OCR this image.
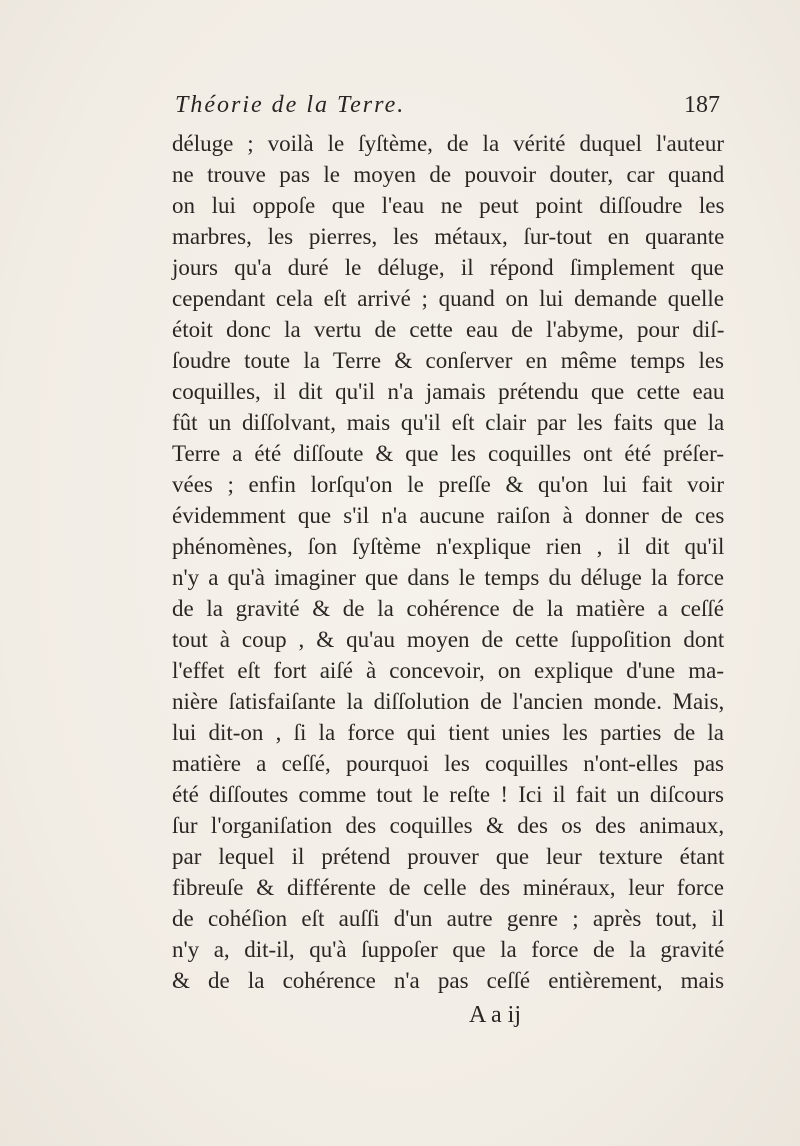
Théorie de la Terre.	187
déluge ; voilà le ſyſtème, de la vérité duquel l'auteur
ne trouve pas le moyen de pouvoir douter, car quand
on lui oppoſe que l'eau ne peut point diſſoudre les
marbres, les pierres, les métaux, ſur-tout en quarante
jours qu'a duré le déluge, il répond ſimplement que
cependant cela eſt arrivé ; quand on lui demande quelle
étoit donc la vertu de cette eau de l'abyme, pour diſ-
ſoudre toute la Terre & conſerver en même temps les
coquilles, il dit qu'il n'a jamais prétendu que cette eau
fût un diſſolvant, mais qu'il eſt clair par les faits que la
Terre a été diſſoute & que les coquilles ont été préſer-
vées ; enfin lorſqu'on le preſſe & qu'on lui fait voir
évidemment que s'il n'a aucune raiſon à donner de ces
phénomènes, ſon ſyſtème n'explique rien , il dit qu'il
n'y a qu'à imaginer que dans le temps du déluge la force
de la gravité & de la cohérence de la matière a ceſſé
tout à coup , & qu'au moyen de cette ſuppoſition dont
l'effet eſt fort aiſé à concevoir, on explique d'une ma-
nière ſatisfaiſante la diſſolution de l'ancien monde. Mais,
lui dit-on , ſi la force qui tient unies les parties de la
matière a ceſſé, pourquoi les coquilles n'ont-elles pas
été diſſoutes comme tout le reſte ! Ici il fait un diſcours
ſur l'organiſation des coquilles & des os des animaux,
par lequel il prétend prouver que leur texture étant
fibreuſe & différente de celle des minéraux, leur force
de cohéſion eſt auſſi d'un autre genre ; après tout, il
n'y a, dit-il, qu'à ſuppoſer que la force de la gravité
& de la cohérence n'a pas ceſſé entièrement, mais
A a ij
